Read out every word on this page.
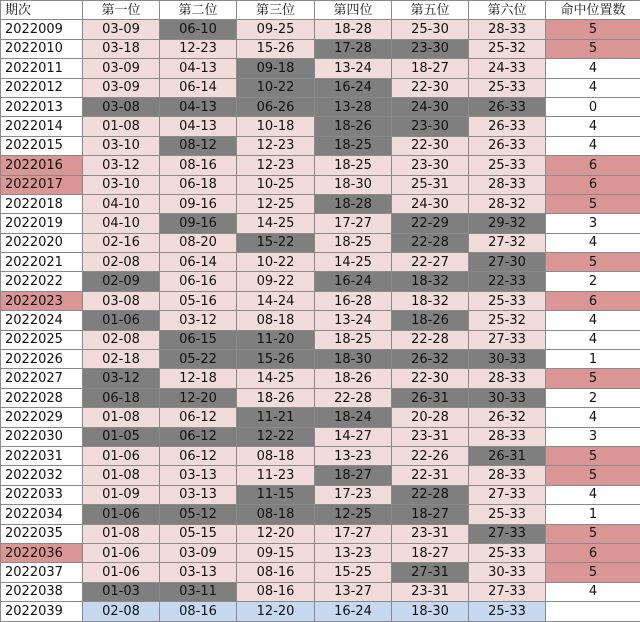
期次	第一位	第二位	第三位	第四位	第五位	第六位	命中位置数
2022009	03-09	06-10	09-25	18-28	25-30	28-33	5
2022010	03-18	12-23	15-26	17-28	23-30	25-32	5
2022011	03-09	04-13	09-18	13-24	18-27	24-33	4
2022012	03-09	06-14	10-22	16-24	22-30	25-33	4
2022013	03-08	04-13	06-26	13-28	24-30	26-33	0
2022014	01-08	04-13	10-18	18-26	23-30	26-33	4
2022015	03-10	08-12	12-23	18-25	22-30	26-33	4
2022016	03-12	08-16	12-23	18-25	23-30	25-33	6
2022017	03-10	06-18	10-25	18-30	25-31	28-33	6
2022018	04-10	09-16	12-25	18-28	24-30	28-32	5
2022019	04-10	09-16	14-25	17-27	22-29	29-32	3
2022020	02-16	08-20	15-22	18-25	22-28	27-32	4
2022021	02-08	06-14	10-22	14-25	22-27	27-30	5
2022022	02-09	06-16	09-22	16-24	18-32	22-33	2
2022023	03-08	05-16	14-24	16-28	18-32	25-33	6
2022024	01-06	03-12	08-18	13-24	18-26	25-32	4
2022025	02-08	06-15	11-20	18-25	22-28	27-33	4
2022026	02-18	05-22	15-26	18-30	26-32	30-33	1
2022027	03-12	12-18	14-25	18-26	22-30	28-33	5
2022028	06-18	12-20	18-26	22-28	26-31	30-33	2
2022029	01-08	06-12	11-21	18-24	20-28	26-32	4
2022030	01-05	06-12	12-22	14-27	23-31	28-33	3
2022031	01-06	06-12	08-18	13-23	22-26	26-31	5
2022032	01-08	03-13	11-23	18-27	22-31	28-33	5
2022033	01-09	03-13	11-15	17-23	22-28	27-33	4
2022034	01-06	05-12	08-18	12-25	18-27	25-33	1
2022035	01-08	05-15	12-20	17-27	23-31	27-33	5
2022036	01-06	03-09	09-15	13-23	18-27	25-33	6
2022037	01-06	03-13	08-16	15-25	27-31	30-33	5
2022038	01-03	03-11	08-16	13-27	23-31	27-33	4
2022039	02-08	08-16	12-20	16-24	18-30	25-33	
